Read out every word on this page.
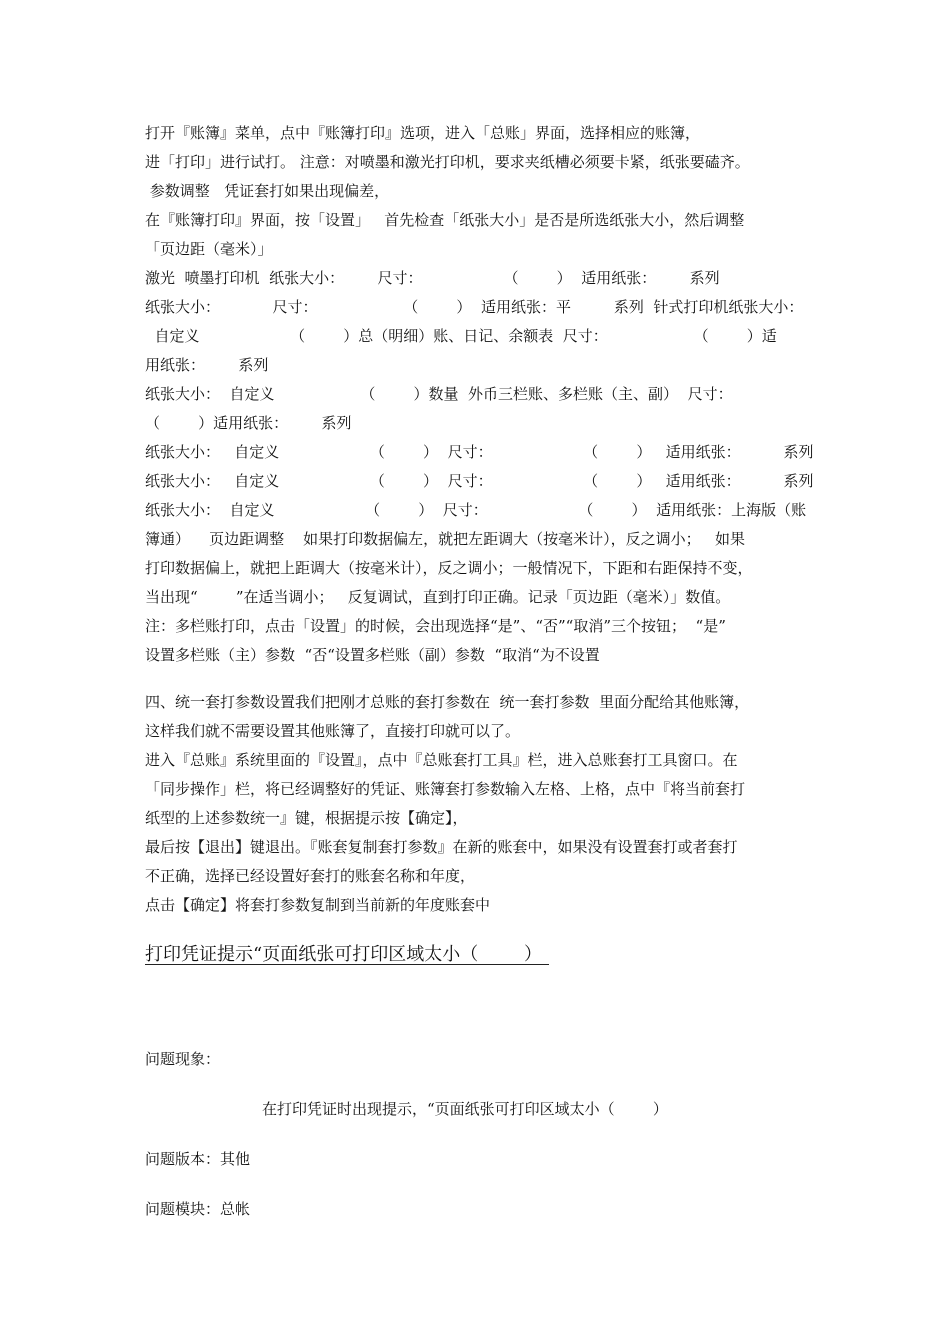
打开『账簿』菜单，点中『账簿打印』选项，进入「总账」界面，选择相应的账簿，

进「打印」进行试打。 注意：对喷墨和激光打印机，要求夹纸槽必须要卡紧，纸张要磕齐。

参数调整   凭证套打如果出现偏差，

在『账簿打印』界面，按「设置」   首先检查「纸张大小」是否是所选纸张大小，然后调整

「页边距（毫米）」

激光  喷墨打印机  纸张大小：       尺寸：                 （        ）  适用纸张：       系列

纸张大小：           尺寸：                  （        ）  适用纸张：平         系列  针式打印机纸张大小：

自定义                   （        ）总（明细）账、日记、余额表  尺寸：                  （        ）适

用纸张：       系列

纸张大小：  自定义                  （        ）数量  外币三栏账、多栏账（主、副）  尺寸：

（        ）适用纸张：       系列

纸张大小：   自定义                   （        ）  尺寸：                   （        ）   适用纸张：         系列

纸张大小：   自定义                   （        ）  尺寸：                   （        ）   适用纸张：         系列

纸张大小：  自定义                   （        ）  尺寸：                   （        ）  适用纸张：上海版（账

簿通）    页边距调整    如果打印数据偏左，就把左距调大（按毫米计），反之调小；   如果

打印数据偏上，就把上距调大（按毫米计），反之调小；一般情况下，下距和右距保持不变，

当出现“        ”在适当调小；   反复调试，直到打印正确。记录「页边距（毫米）」数值。

注：多栏账打印，点击「设置」的时候，会出现选择“是”、“否”“取消”三个按钮；  “是”

设置多栏账（主）参数  “否“设置多栏账（副）参数  “取消“为不设置

四、统一套打参数设置我们把刚才总账的套打参数在  统一套打参数  里面分配给其他账簿，

这样我们就不需要设置其他账簿了，直接打印就可以了。

进入『总账』系统里面的『设置』，点中『总账套打工具』栏，进入总账套打工具窗口。在

「同步操作」栏，将已经调整好的凭证、账簿套打参数输入左格、上格，点中『将当前套打

纸型的上述参数统一』键，根据提示按【确定】，

最后按【退出】键退出。『账套复制套打参数』在新的账套中，如果没有设置套打或者套打

不正确，选择已经设置好套打的账套名称和年度，

点击【确定】将套打参数复制到当前新的年度账套中

打印凭证提示“页面纸张可打印区域太小（        ）

问题现象：

在打印凭证时出现提示，“页面纸张可打印区域太小（        ）

问题版本：其他

问题模块：总帐
